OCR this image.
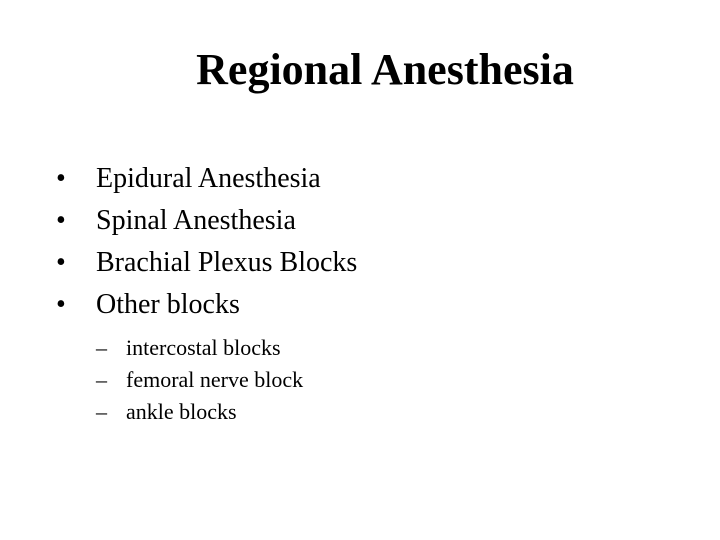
Regional Anesthesia
•	Epidural Anesthesia
•	Spinal Anesthesia
•	Brachial Plexus Blocks
•	Other blocks
– intercostal blocks
– femoral nerve block
– ankle blocks
